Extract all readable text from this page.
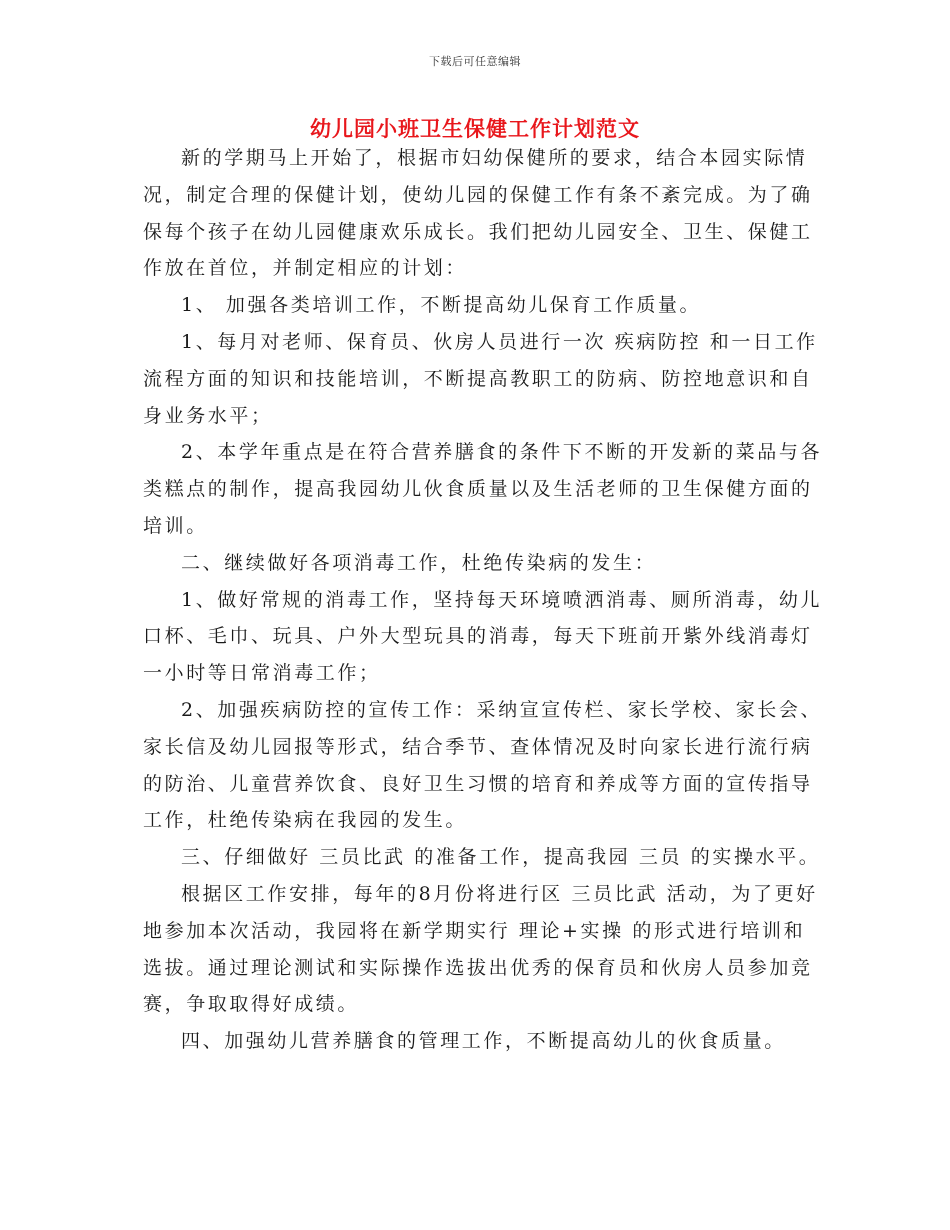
下载后可任意编辑
幼儿园小班卫生保健工作计划范文

新的学期马上开始了，根据市妇幼保健所的要求，结合本园实际情况，制定合理的保健计划，使幼儿园的保健工作有条不紊完成。为了确保每个孩子在幼儿园健康欢乐成长。我们把幼儿园安全、卫生、保健工作放在首位，并制定相应的计划：

1、 加强各类培训工作，不断提高幼儿保育工作质量。

1、每月对老师、保育员、伙房人员进行一次 疾病防控 和一日工作流程方面的知识和技能培训，不断提高教职工的防病、防控地意识和自身业务水平；

2、本学年重点是在符合营养膳食的条件下不断的开发新的菜品与各类糕点的制作，提高我园幼儿伙食质量以及生活老师的卫生保健方面的培训。

二、继续做好各项消毒工作，杜绝传染病的发生：

1、做好常规的消毒工作，坚持每天环境喷洒消毒、厕所消毒，幼儿口杯、毛巾、玩具、户外大型玩具的消毒，每天下班前开紫外线消毒灯一小时等日常消毒工作；

2、加强疾病防控的宣传工作：采纳宣宣传栏、家长学校、家长会、家长信及幼儿园报等形式，结合季节、查体情况及时向家长进行流行病的防治、儿童营养饮食、良好卫生习惯的培育和养成等方面的宣传指导工作，杜绝传染病在我园的发生。

三、仔细做好 三员比武 的准备工作，提高我园 三员 的实操水平。

根据区工作安排，每年的8月份将进行区 三员比武 活动，为了更好地参加本次活动，我园将在新学期实行 理论+实操 的形式进行培训和选拔。通过理论测试和实际操作选拔出优秀的保育员和伙房人员参加竞赛，争取取得好成绩。

四、加强幼儿营养膳食的管理工作，不断提高幼儿的伙食质量。
